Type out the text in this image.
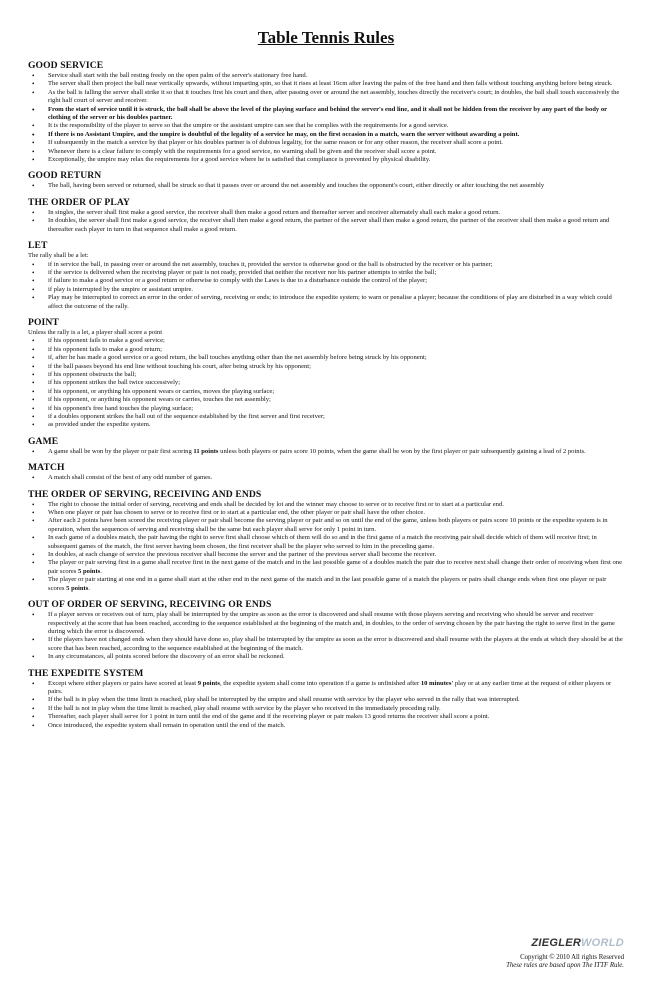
Table Tennis Rules
GOOD SERVICE
• Service shall start with the ball resting freely on the open palm of the server's stationary free hand.
• The server shall then project the ball near vertically upwards, without imparting spin, so that it rises at least 16cm after leaving the palm of the free hand and then falls without touching anything before being struck.
• As the ball is falling the server shall strike it so that it touches first his court and then, after passing over or around the net assembly, touches directly the receiver's court; in doubles, the ball shall touch successively the right half court of server and receiver.
• From the start of service until it is struck, the ball shall be above the level of the playing surface and behind the server's end line, and it shall not be hidden from the receiver by any part of the body or clothing of the server or his doubles partner.
• It is the responsibility of the player to serve so that the umpire or the assistant umpire can see that he complies with the requirements for a good service.
• If there is no Assistant Umpire, and the umpire is doubtful of the legality of a service he may, on the first occasion in a match, warn the server without awarding a point.
• If subsequently in the match a service by that player or his doubles partner is of dubious legality, for the same reason or for any other reason, the receiver shall score a point.
• Whenever there is a clear failure to comply with the requirements for a good service, no warning shall be given and the receiver shall score a point.
• Exceptionally, the umpire may relax the requirements for a good service where he is satisfied that compliance is prevented by physical disability.
GOOD RETURN
• The ball, having been served or returned, shall be struck so that it passes over or around the net assembly and touches the opponent's court, either directly or after touching the net assembly
THE ORDER OF PLAY
• In singles, the server shall first make a good service, the receiver shall then make a good return and thereafter server and receiver alternately shall each make a good return.
• In doubles, the server shall first make a good service, the receiver shall then make a good return, the partner of the server shall then make a good return, the partner of the receiver shall then make a good return and thereafter each player in turn in that sequence shall make a good return.
LET

The rally shall be a let:

• if in service the ball, in passing over or around the net assembly, touches it, provided the service is otherwise good or the ball is obstructed by the receiver or his partner;
• if the service is delivered when the receiving player or pair is not ready, provided that neither the receiver nor his partner attempts to strike the ball;
• if failure to make a good service or a good return or otherwise to comply with the Laws is due to a disturbance outside the control of the player;
• if play is interrupted by the umpire or assistant umpire.
• Play may be interrupted to correct an error in the order of serving, receiving or ends; to introduce the expedite system; to warn or penalise a player; because the conditions of play are disturbed in a way which could affect the outcome of the rally.
POINT

Unless the rally is a let, a player shall score a point

• if his opponent fails to make a good service;
• if his opponent fails to make a good return;
• if, after he has made a good service or a good return, the ball touches anything other than the net assembly before being struck by his opponent;
• if the ball passes beyond his end line without touching his court, after being struck by his opponent;
• if his opponent obstructs the ball;
• if his opponent strikes the ball twice successively;
• if his opponent, or anything his opponent wears or carries, moves the playing surface;
• if his opponent, or anything his opponent wears or carries, touches the net assembly;
• if his opponent's free hand touches the playing surface;
• if a doubles opponent strikes the ball out of the sequence established by the first server and first receiver;
• as provided under the expedite system.
GAME
• A game shall be won by the player or pair first scoring 11 points unless both players or pairs score 10 points, when the game shall be won by the first player or pair subsequently gaining a lead of 2 points.
MATCH
• A match shall consist of the best of any odd number of games.
THE ORDER OF SERVING, RECEIVING AND ENDS
• The right to choose the initial order of serving, receiving and ends shall be decided by lot and the winner may choose to serve or to receive first or to start at a particular end.
• When one player or pair has chosen to serve or to receive first or to start at a particular end, the other player or pair shall have the other choice.
• After each 2 points have been scored the receiving player or pair shall become the serving player or pair and so on until the end of the game, unless both players or pairs score 10 points or the expedite system is in operation, when the sequences of serving and receiving shall be the same but each player shall serve for only 1 point in turn.
• In each game of a doubles match, the pair having the right to serve first shall choose which of them will do so and in the first game of a match the receiving pair shall decide which of them will receive first; in subsequent games of the match, the first server having been chosen, the first receiver shall be the player who served to him in the preceding game.
• In doubles, at each change of service the previous receiver shall become the server and the partner of the previous server shall become the receiver.
• The player or pair serving first in a game shall receive first in the next game of the match and in the last possible game of a doubles match the pair due to receive next shall change their order of receiving when first one pair scores 5 points.
• The player or pair starting at one end in a game shall start at the other end in the next game of the match and in the last possible game of a match the players or pairs shall change ends when first one player or pair scores 5 points.
OUT OF ORDER OF SERVING, RECEIVING OR ENDS
• If a player serves or receives out of turn, play shall be interrupted by the umpire as soon as the error is discovered and shall resume with those players serving and receiving who should be server and receiver respectively at the score that has been reached, according to the sequence established at the beginning of the match and, in doubles, to the order of serving chosen by the pair having the right to serve first in the game during which the error is discovered.
• If the players have not changed ends when they should have done so, play shall be interrupted by the umpire as soon as the error is discovered and shall resume with the players at the ends at which they should be at the score that has been reached, according to the sequence established at the beginning of the match.
• In any circumstances, all points scored before the discovery of an error shall be reckoned.
THE EXPEDITE SYSTEM
• Except where either players or pairs have scored at least 9 points, the expedite system shall come into operation if a game is unfinished after 10 minutes' play or at any earlier time at the request of either players or pairs.
• If the ball is in play when the time limit is reached, play shall be interrupted by the umpire and shall resume with service by the player who served in the rally that was interrupted.
• If the ball is not in play when the time limit is reached, play shall resume with service by the player who received in the immediately preceding rally.
• Thereafter, each player shall serve for 1 point in turn until the end of the game and if the receiving player or pair makes 13 good returns the receiver shall score a point.
• Once introduced, the expedite system shall remain in operation until the end of the match.
ZIEGLERWORLD
Copyright © 2010 All rights Reserved
These rules are based upon The ITTF Rule.
